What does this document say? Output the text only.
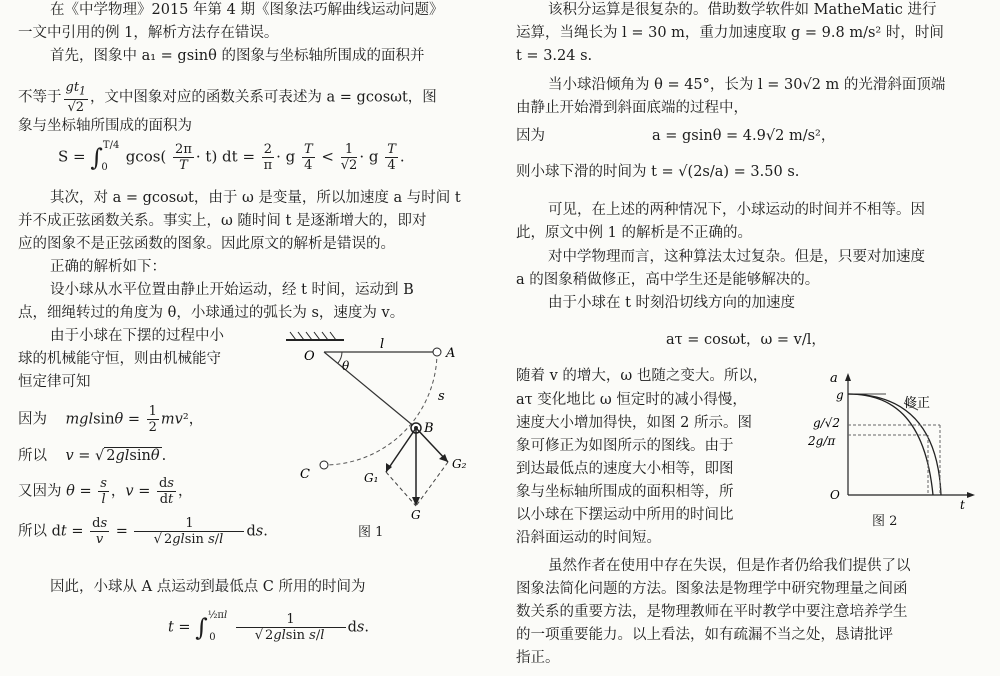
在《中学物理》2015 年第 4 期《图象法巧解曲线运动问题》

一文中引用的例 1，解析方法存在错误。

首先，图象中 a₁ = gsinθ 的图象与坐标轴所围成的面积并

不等于 $\frac{gt_1}{√2}$ ，文中图象对应的函数关系可表述为 a = gcosωt，图

象与坐标轴所围成的面积为

$S = \int^{T/4}_0gcos( \frac{2\pi}{T} \cdot t)$ dt = $\frac{2}{\pi} \cdot g \frac{T}{4} < \frac{1}{√2} \cdot g \frac{T}{4}$ .

其次，对 a = gcosωt，由于 ω 是变量，所以加速度 a 与时间 t

并不成正弦函数关系。事实上，ω 随时间 t 是逐渐增大的，即对

应的图象不是正弦函数的图象。因此原文的解析是错误的。

正确的解析如下：

设小球从水平位置由静止开始运动，经 t 时间，运动到 B

点，细绳转过的角度为 θ，小球通过的弧长为 s，速度为 v。

由于小球在下摆的过程中小

球的机械能守恒，则由机械能守

恒定律可知

因为    $mglsin\theta = \frac{1}{2} mv^2$，
所以    v = √ 2glsinθ .
又因为 $\theta = \frac{s}{l}$ ，$v = \frac{ds}{dt}$ ，
所以 dt = $\frac{ds}{v} = \frac{1}{\text{√ 2glsin s/l}}$ ds.	图 1

因此，小球从 A 点运动到最低点 C 所用的时间为

$t = \int^{\frac{1}{2}\pi l}_0 \frac{1}{\text{√ 2glsin s/l}}$ ds.
O	A
l
θ
s
B
C	G₁
G₂
G

该积分运算是很复杂的。借助数学软件如 MatheMatic 进行

运算，当绳长为 l = 30 m，重力加速度取 g = 9.8 m/s² 时，时间

t = 3.24 s.

当小球沿倾角为 θ = 45°，长为 l = 30√2 m 的光滑斜面顶端

由静止开始滑到斜面底端的过程中，

因为	a = gsinθ = 4.9√2 m/s²，

则小球下滑的时间为 t = √(2s/a) = 3.50 s.

可见，在上述的两种情况下，小球运动的时间并不相等。因

此，原文中例 1 的解析是不正确的。

对中学物理而言，这种算法太过复杂。但是，只要对加速度

a 的图象稍做修正，高中学生还是能够解决的。

由于小球在 t 时刻沿切线方向的加速度

aτ = cosωt，ω = v/l，

随着 v 的增大，ω 也随之变大。所以，

aτ 变化地比 ω 恒定时的减小得慢，

速度大小增加得快，如图 2 所示。图

象可修正为如图所示的图线。由于

到达最低点的速度大小相等，即图

象与坐标轴所围成的面积相等，所

以小球在下摆运动中所用的时间比

沿斜面运动的时间短。

图 2

虽然作者在使用中存在失误，但是作者仍给我们提供了以

图象法简化问题的方法。图象法是物理学中研究物理量之间函

数关系的重要方法，是物理教师在平时教学中要注意培养学生

的一项重要能力。以上看法，如有疏漏不当之处，恳请批评

指正。

a
g
g/√2
2g/π
O
t
修正
